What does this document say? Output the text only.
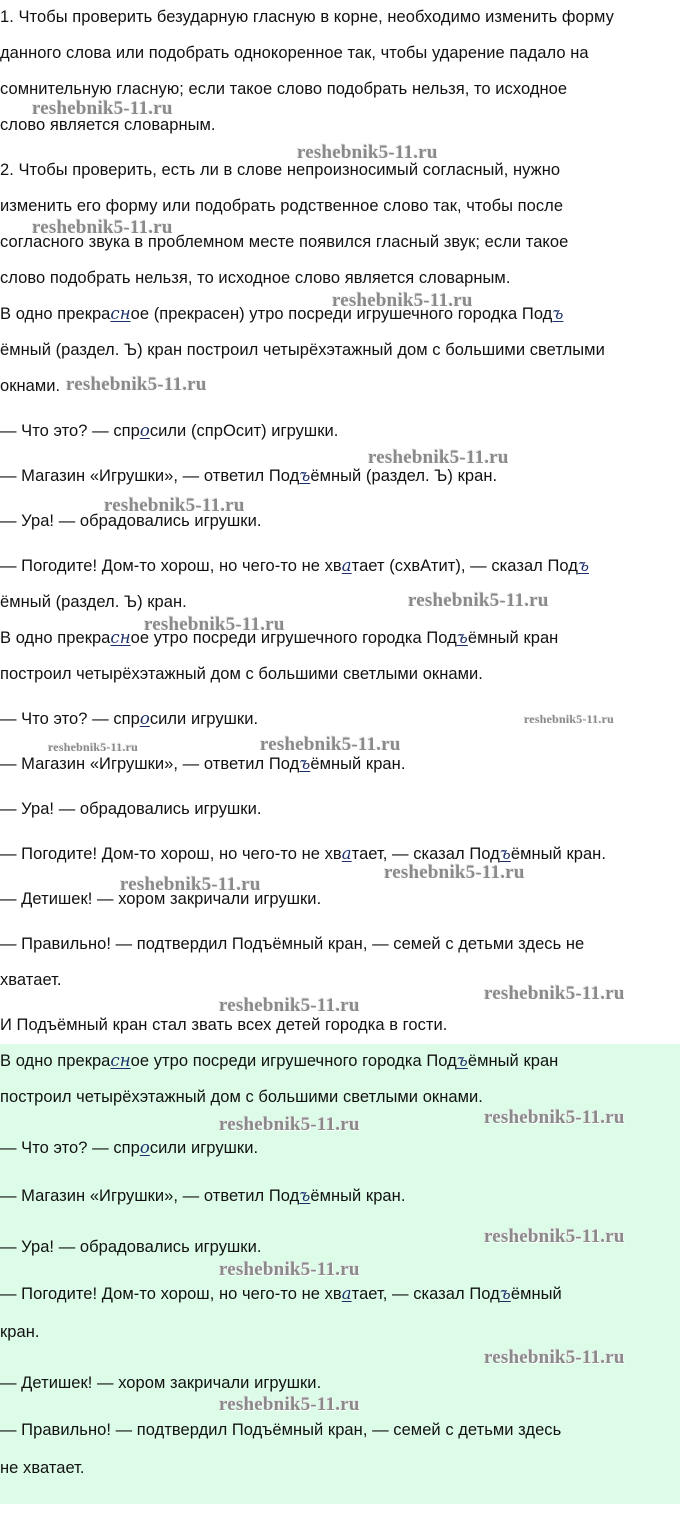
1. Чтобы проверить безударную гласную в корне, необходимо изменить форму
данного слова или подобрать однокоренное так, чтобы ударение падало на
сомнительную гласную; если такое слово подобрать нельзя, то исходное
слово является словарным.
2. Чтобы проверить, есть ли в слове непроизносимый согласный, нужно
изменить его форму или подобрать родственное слово так, чтобы после
согласного звука в проблемном месте появился гласный звук; если такое
слово подобрать нельзя, то исходное слово является словарным.
В одно прекрасное (прекрасен) утро посреди игрушечного городка Подъ
ёмный (раздел. Ъ) кран построил четырёхэтажный дом с большими светлыми
окнами.
— Что это? — спросили (спрОсит) игрушки.
— Магазин «Игрушки», — ответил Подъёмный (раздел. Ъ) кран.
— Ура! — обрадовались игрушки.
— Погодите! Дом-то хорош, но чего-то не хватает (схвАтит), — сказал Подъ
ёмный (раздел. Ъ) кран.
В одно прекрасное утро посреди игрушечного городка Подъёмный кран
построил четырёхэтажный дом с большими светлыми окнами.
— Что это? — спросили игрушки.
— Магазин «Игрушки», — ответил Подъёмный кран.
— Ура! — обрадовались игрушки.
— Погодите! Дом-то хорош, но чего-то не хватает, — сказал Подъёмный кран.
— Детишек! — хором закричали игрушки.
— Правильно! — подтвердил Подъёмный кран, — семей с детьми здесь не
хватает.
И Подъёмный кран стал звать всех детей городка в гости.
В одно прекрасное утро посреди игрушечного городка Подъёмный кран
построил четырёхэтажный дом с большими светлыми окнами.
— Что это? — спросили игрушки.
— Магазин «Игрушки», — ответил Подъёмный кран.
— Ура! — обрадовались игрушки.
— Погодите! Дом-то хорош, но чего-то не хватает, — сказал Подъёмный
кран.
— Детишек! — хором закричали игрушки.
— Правильно! — подтвердил Подъёмный кран, — семей с детьми здесь
не хватает.
reshebnik5-11.ru
reshebnik5-11.ru
reshebnik5-11.ru
reshebnik5-11.ru
reshebnik5-11.ru
reshebnik5-11.ru
reshebnik5-11.ru
reshebnik5-11.ru
reshebnik5-11.ru
reshebnik5-11.ru
reshebnik5-11.ru	reshebnik5-11.ru
reshebnik5-11.ru
reshebnik5-11.ru
reshebnik5-11.ru
reshebnik5-11.ru
reshebnik5-11.ru
reshebnik5-11.ru
reshebnik5-11.ru
reshebnik5-11.ru
reshebnik5-11.ru
reshebnik5-11.ru
